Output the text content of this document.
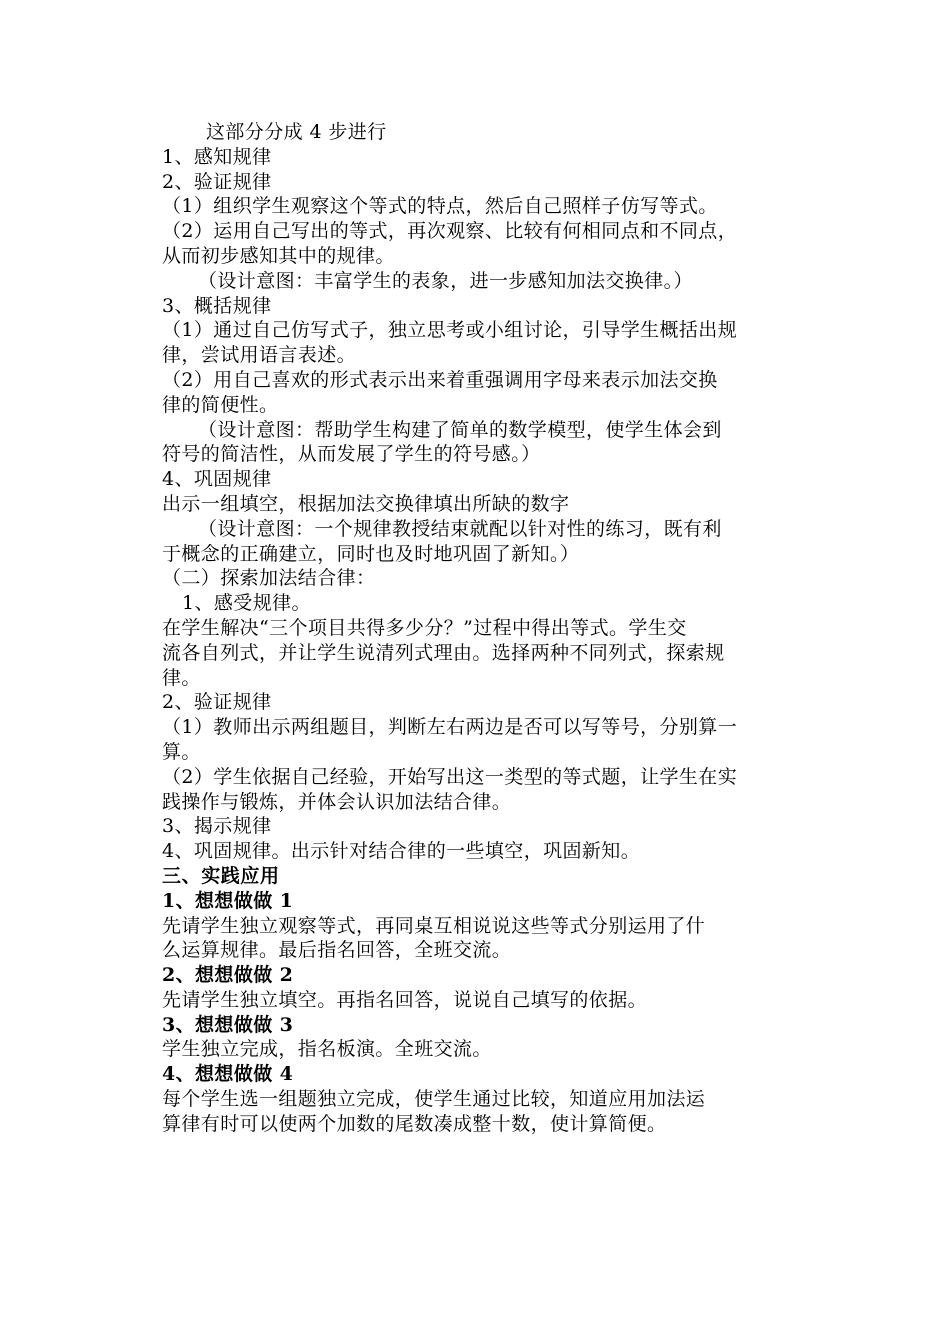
这部分分成 4 步进行
1、感知规律
2、验证规律
（1）组织学生观察这个等式的特点，然后自己照样子仿写等式。
（2）运用自己写出的等式，再次观察、比较有何相同点和不同点，
从而初步感知其中的规律。
（设计意图：丰富学生的表象，进一步感知加法交换律。）
3、概括规律
（1）通过自己仿写式子，独立思考或小组讨论，引导学生概括出规
律，尝试用语言表述。
（2）用自己喜欢的形式表示出来着重强调用字母来表示加法交换
律的简便性。
（设计意图：帮助学生构建了简单的数学模型，使学生体会到
符号的简洁性，从而发展了学生的符号感。）
4、巩固规律
出示一组填空，根据加法交换律填出所缺的数字
（设计意图：一个规律教授结束就配以针对性的练习，既有利
于概念的正确建立，同时也及时地巩固了新知。）
（二）探索加法结合律：
1、感受规律。
在学生解决“三个项目共得多少分？”过程中得出等式。学生交
流各自列式，并让学生说清列式理由。选择两种不同列式，探索规
律。
2、验证规律
（1）教师出示两组题目，判断左右两边是否可以写等号，分别算一
算。
（2）学生依据自己经验，开始写出这一类型的等式题，让学生在实
践操作与锻炼，并体会认识加法结合律。
3、揭示规律
4、巩固规律。出示针对结合律的一些填空，巩固新知。
三、实践应用
1、想想做做 1
先请学生独立观察等式，再同桌互相说说这些等式分别运用了什
么运算规律。最后指名回答，全班交流。
2、想想做做 2
先请学生独立填空。再指名回答，说说自己填写的依据。
3、想想做做 3
学生独立完成，指名板演。全班交流。
4、想想做做 4
每个学生选一组题独立完成，使学生通过比较，知道应用加法运
算律有时可以使两个加数的尾数凑成整十数，使计算简便。
